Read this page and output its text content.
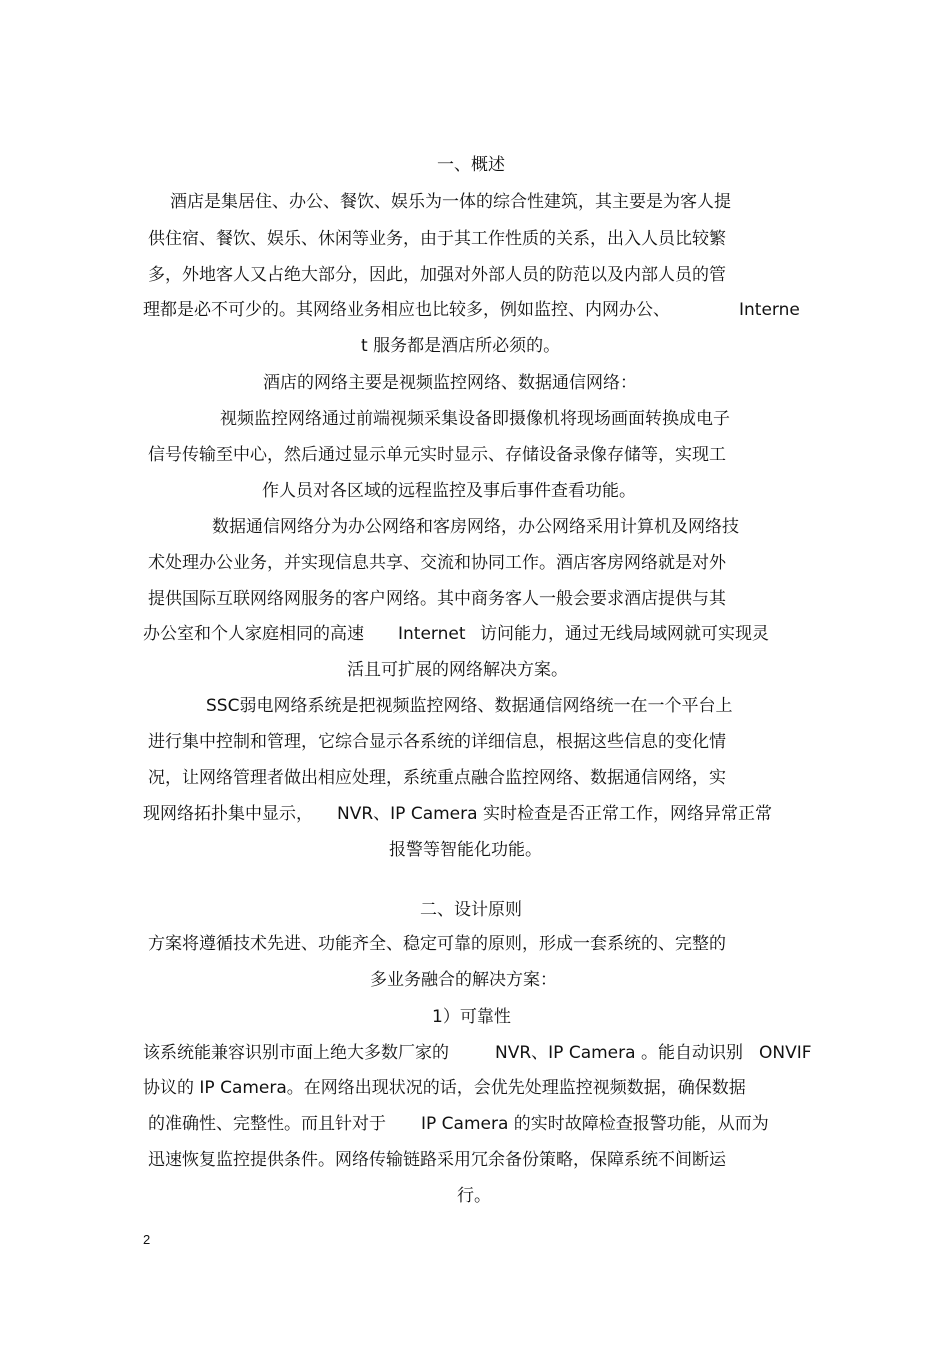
一、概述
酒店是集居住、办公、餐饮、娱乐为一体的综合性建筑，其主要是为客人提
供住宿、餐饮、娱乐、休闲等业务，由于其工作性质的关系，出入人员比较繁
多，外地客人又占绝大部分，因此，加强对外部人员的防范以及内部人员的管
理都是必不可少的。其网络业务相应也比较多，例如监控、内网办公、	Interne
t 服务都是酒店所必须的。
酒店的网络主要是视频监控网络、数据通信网络：
视频监控网络通过前端视频采集设备即摄像机将现场画面转换成电子
信号传输至中心，然后通过显示单元实时显示、存储设备录像存储等，实现工
作人员对各区域的远程监控及事后事件查看功能。
数据通信网络分为办公网络和客房网络，办公网络采用计算机及网络技
术处理办公业务，并实现信息共享、交流和协同工作。酒店客房网络就是对外
提供国际互联网络网服务的客户网络。其中商务客人一般会要求酒店提供与其
办公室和个人家庭相同的高速 Internet 访问能力，通过无线局域网就可实现灵
活且可扩展的网络解决方案。
SSC弱电网络系统是把视频监控网络、数据通信网络统一在一个平台上
进行集中控制和管理，它综合显示各系统的详细信息，根据这些信息的变化情
况，让网络管理者做出相应处理，系统重点融合监控网络、数据通信网络，实
现网络拓扑集中显示， NVR、IP Camera 实时检查是否正常工作，网络异常正常
报警等智能化功能。
二、设计原则
方案将遵循技术先进、功能齐全、稳定可靠的原则，形成一套系统的、完整的
多业务融合的解决方案：
1）可靠性
该系统能兼容识别市面上绝大多数厂家的	NVR、IP Camera 。能自动识别 ONVIF
协议的 IP Camera。在网络出现状况的话，会优先处理监控视频数据，确保数据
的准确性、完整性。而且针对于 IP Camera 的实时故障检查报警功能，从而为
迅速恢复监控提供条件。网络传输链路采用冗余备份策略，保障系统不间断运
行。
2
